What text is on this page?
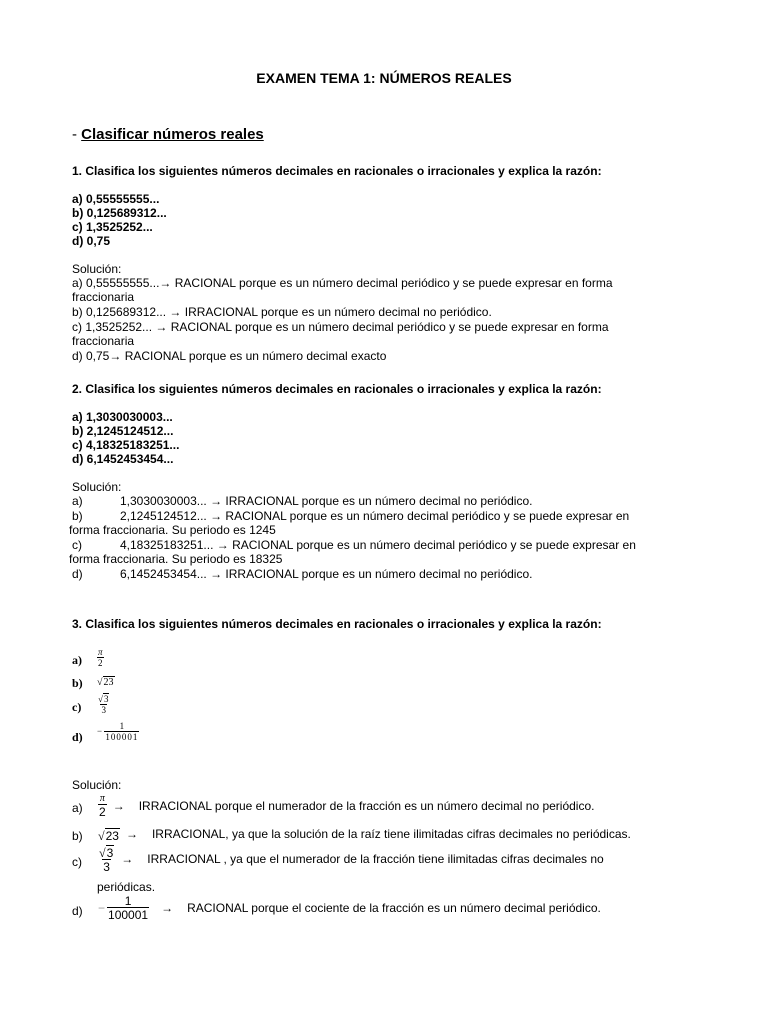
EXAMEN TEMA 1: NÚMEROS REALES
- Clasificar números reales
1. Clasifica los siguientes números decimales en racionales o irracionales y explica la razón:
a) 0,55555555...
b) 0,125689312...
c) 1,3525252...
d) 0,75
Solución:
a) 0,55555555...→ RACIONAL porque es un número decimal periódico y se puede expresar en forma
fraccionaria
b) 0,125689312... → IRRACIONAL porque es un número decimal no periódico.
c) 1,3525252... → RACIONAL porque es un número decimal periódico y se puede expresar en forma
fraccionaria
d) 0,75→ RACIONAL porque es un número decimal exacto
2. Clasifica los siguientes números decimales en racionales o irracionales y explica la razón:
a) 1,3030030003...
b) 2,1245124512...
c) 4,18325183251...
d) 6,1452453454...
Solución:
a)	1,3030030003... → IRRACIONAL porque es un número decimal no periódico.
b)	2,1245124512... → RACIONAL porque es un número decimal periódico y se puede expresar en
forma fraccionaria. Su periodo es 1245
c)	4,18325183251... → RACIONAL porque es un número decimal periódico y se puede expresar en
forma fraccionaria. Su periodo es 18325
d)	6,1452453454... → IRRACIONAL porque es un número decimal no periódico.
3. Clasifica los siguientes números decimales en racionales o irracionales y explica la razón:
$a) \frac{\pi}{2}$
b) √ 23
$c) \frac{√ 3}{3}$
$d) - \frac{1}{100001}$
Solución:
$a) \frac{\pi}{2}$ → IRRACIONAL porque el numerador de la fracción es un número decimal no periódico.
b) √ 23 → IRRACIONAL, ya que la solución de la raíz tiene ilimitadas cifras decimales no periódicas.
$c) \frac{√ 3}{3}$ → IRRACIONAL , ya que el numerador de la fracción tiene ilimitadas cifras decimales no
periódicas.
$d) - \frac{1}{100001}$ → RACIONAL porque el cociente de la fracción es un número decimal periódico.
